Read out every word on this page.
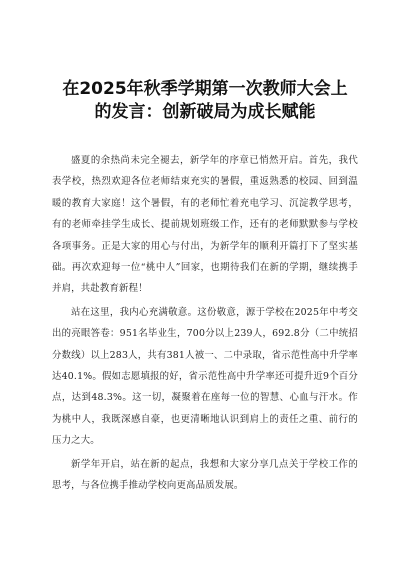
在2025年秋季学期第一次教师大会上
的发言：创新破局为成长赋能

盛夏的余热尚未完全褪去，新学年的序章已悄然开启。首先，我代表学校，热烈欢迎各位老师结束充实的暑假，重返熟悉的校园、回到温暖的教育大家庭！这个暑假，有的老师忙着充电学习、沉淀教学思考，有的老师牵挂学生成长、提前规划班级工作，还有的老师默默参与学校各项事务。正是大家的用心与付出，为新学年的顺利开篇打下了坚实基础。再次欢迎每一位“桃中人”回家，也期待我们在新的学期，继续携手并肩，共赴教育新程！

站在这里，我内心充满敬意。这份敬意，源于学校在2025年中考交出的亮眼答卷：951名毕业生，700分以上239人，692.8分（二中统招分数线）以上283人，共有381人被一、二中录取，省示范性高中升学率达40.1%。假如志愿填报的好，省示范性高中升学率还可提升近9个百分点，达到48.3%。这一切，凝聚着在座每一位的智慧、心血与汗水。作为桃中人，我既深感自豪，也更清晰地认识到肩上的责任之重、前行的压力之大。

新学年开启，站在新的起点，我想和大家分享几点关于学校工作的思考，与各位携手推动学校向更高品质发展。
